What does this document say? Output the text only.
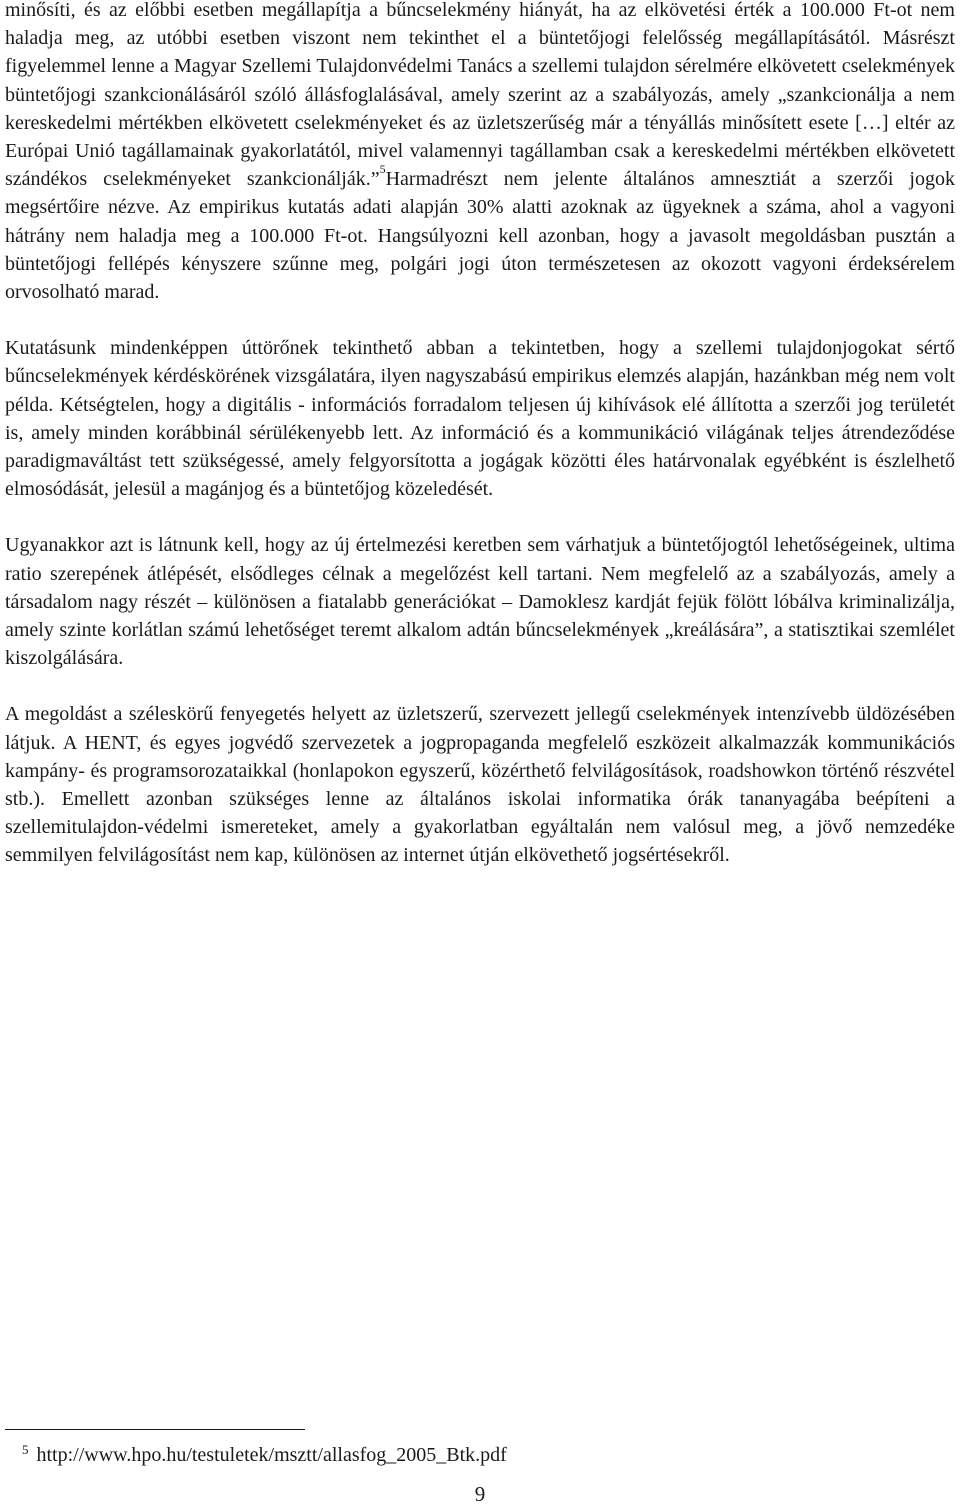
minősíti, és az előbbi esetben megállapítja a bűncselekmény hiányát, ha az elkövetési érték a 100.000 Ft-ot nem haladja meg, az utóbbi esetben viszont nem tekinthet el a büntetőjogi felelősség megállapításától. Másrészt figyelemmel lenne a Magyar Szellemi Tulajdonvédelmi Tanács a szellemi tulajdon sérelmére elkövetett cselekmények büntetőjogi szankcionálásáról szóló állásfoglalásával, amely szerint az a szabályozás, amely „szankcionálja a nem kereskedelmi mértékben elkövetett cselekményeket és az üzletszerűség már a tényállás minősített esete […] eltér az Európai Unió tagállamainak gyakorlatától, mivel valamennyi tagállamban csak a kereskedelmi mértékben elkövetett szándékos cselekményeket szankcionálják.”$^5$Harmadrészt nem jelente általános amnesztiát a szerzői jogok megsértőire nézve. Az empirikus kutatás adati alapján 30% alatti azoknak az ügyeknek a száma, ahol a vagyoni hátrány nem haladja meg a 100.000 Ft-ot. Hangsúlyozni kell azonban, hogy a javasolt megoldásban pusztán a büntetőjogi fellépés kényszere szűnne meg, polgári jogi úton természetesen az okozott vagyoni érdeksérelem orvosolható marad.

Kutatásunk mindenképpen úttörőnek tekinthető abban a tekintetben, hogy a szellemi tulajdonjogokat sértő bűncselekmények kérdéskörének vizsgálatára, ilyen nagyszabású empirikus elemzés alapján, hazánkban még nem volt példa. Kétségtelen, hogy a digitális - információs forradalom teljesen új kihívások elé állította a szerzői jog területét is, amely minden korábbinál sérülékenyebb lett. Az információ és a kommunikáció világának teljes átrendeződése paradigmaváltást tett szükségessé, amely felgyorsította a jogágak közötti éles határvonalak egyébként is észlelhető elmosódását, jelesül a magánjog és a büntetőjog közeledését.

Ugyanakkor azt is látnunk kell, hogy az új értelmezési keretben sem várhatjuk a büntetőjogtól lehetőségeinek, ultima ratio szerepének átlépését, elsődleges célnak a megelőzést kell tartani. Nem megfelelő az a szabályozás, amely a társadalom nagy részét – különösen a fiatalabb generációkat – Damoklesz kardját fejük fölött lóbálva kriminalizálja, amely szinte korlátlan számú lehetőséget teremt alkalom adtán bűncselekmények „kreálására”, a statisztikai szemlélet kiszolgálására.

A megoldást a széleskörű fenyegetés helyett az üzletszerű, szervezett jellegű cselekmények intenzívebb üldözésében látjuk. A HENT, és egyes jogvédő szervezetek a jogpropaganda megfelelő eszközeit alkalmazzák kommunikációs kampány- és programsorozataikkal (honlapokon egyszerű, közérthető felvilágosítások, roadshowkon történő részvétel stb.). Emellett azonban szükséges lenne az általános iskolai informatika órák tananyagába beépíteni a szellemitulajdon-védelmi ismereteket, amely a gyakorlatban egyáltalán nem valósul meg, a jövő nemzedéke semmilyen felvilágosítást nem kap, különösen az internet útján elkövethető jogsértésekről.

$^5$ http://www.hpo.hu/testuletek/msztt/allasfog_2005_Btk.pdf

9
